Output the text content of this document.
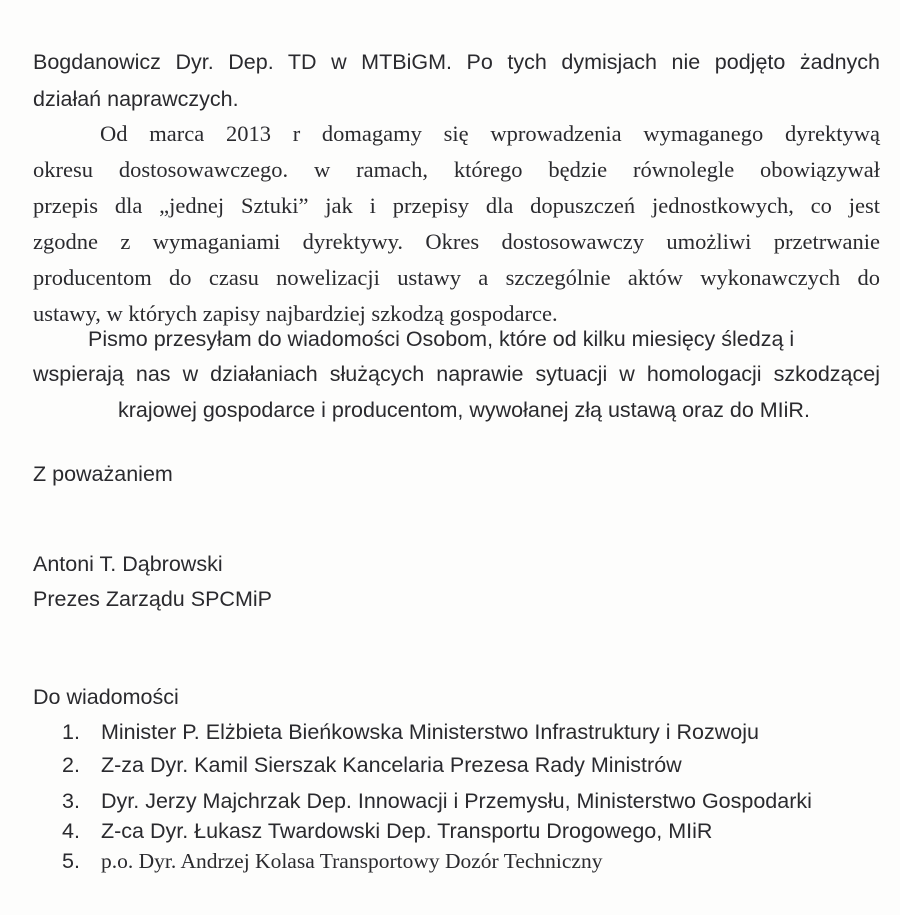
Bogdanowicz Dyr. Dep. TD w MTBiGM. Po tych dymisjach nie podjęto żadnych
działań naprawczych.
Od marca 2013 r domagamy się wprowadzenia wymaganego dyrektywą
okresu dostosowawczego. w ramach, którego będzie równolegle obowiązywał
przepis dla „jednej Sztuki” jak i przepisy dla dopuszczeń jednostkowych, co jest
zgodne z wymaganiami dyrektywy. Okres dostosowawczy umożliwi przetrwanie
producentom do czasu nowelizacji ustawy a szczególnie aktów wykonawczych do
ustawy, w których zapisy najbardziej szkodzą gospodarce.
Pismo przesyłam do wiadomości Osobom, które od kilku miesięcy śledzą i
wspierają nas w działaniach służących naprawie sytuacji w homologacji szkodzącej
krajowej gospodarce i producentom, wywołanej złą ustawą oraz do MIiR.
Z poważaniem
Antoni T. Dąbrowski
Prezes Zarządu SPCMiP
Do wiadomości
1. Minister P. Elżbieta Bieńkowska Ministerstwo Infrastruktury i Rozwoju
2. Z-za Dyr. Kamil Sierszak Kancelaria Prezesa Rady Ministrów
3. Dyr. Jerzy Majchrzak Dep. Innowacji i Przemysłu, Ministerstwo Gospodarki
4. Z-ca Dyr. Łukasz Twardowski Dep. Transportu Drogowego, MIiR
5. p.o. Dyr. Andrzej Kolasa Transportowy Dozór Techniczny
